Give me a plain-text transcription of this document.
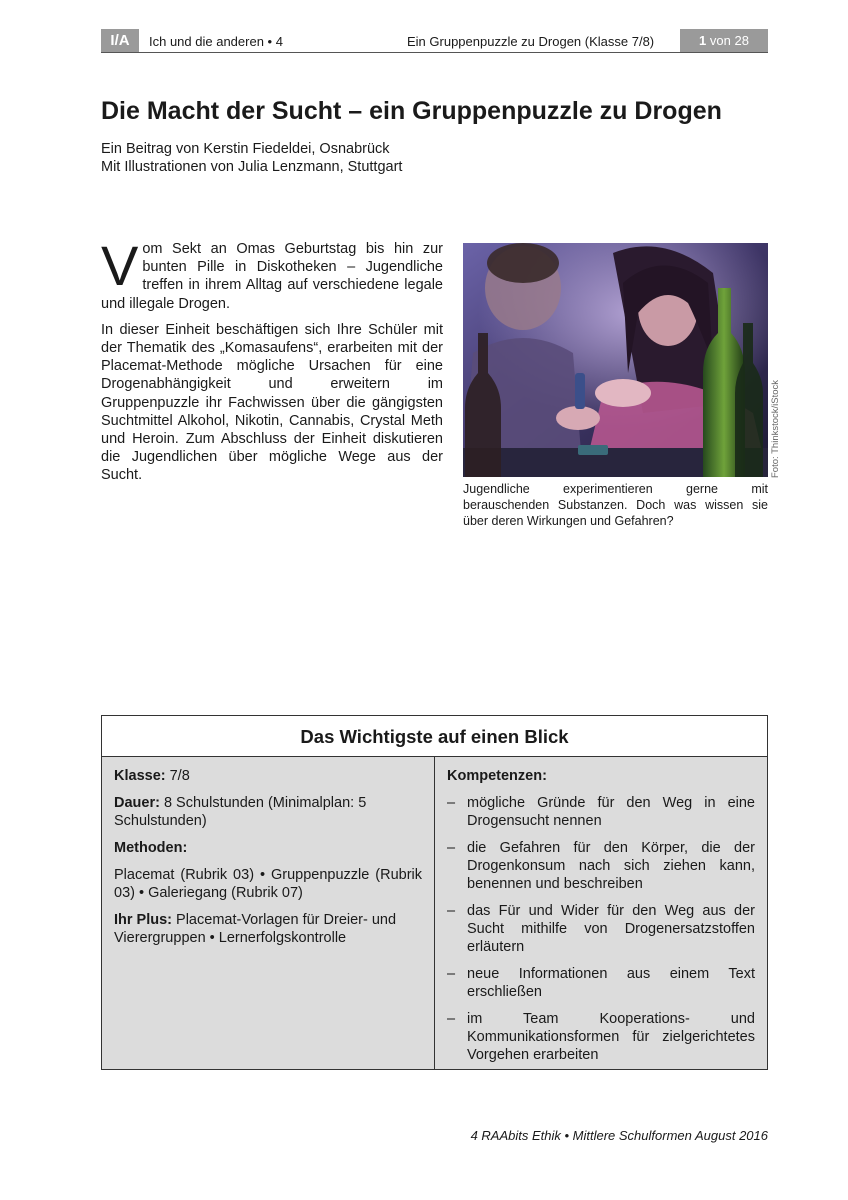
I/A	Ich und die anderen • 4	Ein Gruppenpuzzle zu Drogen (Klasse 7/8)	1 von 28
Die Macht der Sucht – ein Gruppenpuzzle zu Drogen
Ein Beitrag von Kerstin Fiedeldei, Osnabrück
Mit Illustrationen von Julia Lenzmann, Stuttgart

Vom Sekt an Omas Geburtstag bis hin zur bunten Pille in Diskotheken – Jugendliche treffen in ihrem Alltag auf verschiedene legale und illegale Drogen.

In dieser Einheit beschäftigen sich Ihre Schüler mit der Thematik des „Komasaufens“, erarbeiten mit der Placemat-Methode mögliche Ursachen für eine Drogenabhängigkeit und erweitern im Gruppenpuzzle ihr Fachwissen über die gängigsten Suchtmittel Alkohol, Nikotin, Cannabis, Crystal Meth und Heroin. Zum Abschluss der Einheit diskutieren die Jugendlichen über mögliche Wege aus der Sucht.	Foto: Thinkstock/iStock
Jugendliche experimentieren gerne mit berauschenden Substanzen. Doch was wissen sie über deren Wirkungen und Gefahren?
Das Wichtigste auf einen Blick

Klasse: 7/8

Dauer: 8 Schulstunden (Minimalplan: 5 Schulstunden)

Methoden:

Placemat (Rubrik 03) • Gruppenpuzzle (Rubrik 03) • Galeriegang (Rubrik 07)

Ihr Plus: Placemat-Vorlagen für Dreier- und Vierergruppen • Lernerfolgskontrolle

Kompetenzen:
– mögliche Gründe für den Weg in eine Drogensucht nennen
– die Gefahren für den Körper, die der Drogenkonsum nach sich ziehen kann, benennen und beschreiben
– das Für und Wider für den Weg aus der Sucht mithilfe von Drogenersatzstoffen erläutern
– neue Informationen aus einem Text erschließen
– im Team Kooperations- und Kommunikationsformen für zielgerichtetes Vorgehen erarbeiten
4 RAAbits Ethik • Mittlere Schulformen August 2016
